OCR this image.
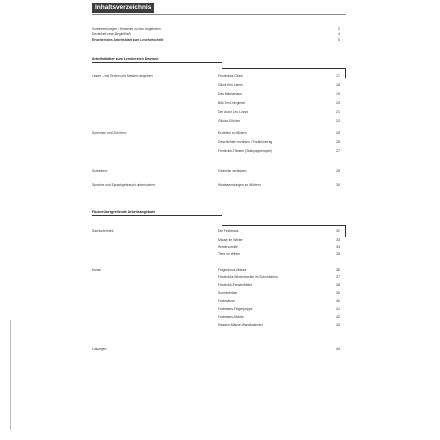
Inhaltsverzeichnis
Vorbemerkungen / Hinweise zu den Angeboten	2
Deckblatt Lese-Begleitheft	4
Erweiterndes Arbeitsblatt zum Lesefortschritt	5
Arbeitsblätter zum Lernbereich Deutsch
Lesen – mit Texten und Medien umgehen:	Fredericks Glück	17
Glück fürs Leben	18
Das Mäusehaus	19
Bild-Text-Vergleich	20
Der Autor Leo Lionni	21
Glücks-Elfchen	22
Sprechen und Zuhören:	Erzählen zu Bildern	25
Geschichten erzählen / Erzählvortrag	26
Frederick-Theater (Stabpuppenspiel)	27
Schreiben:	Gedichte verfassen	29
Sprache und Sprachgebrauch untersuchen:	Wortsammlungen zu Wörtern	30
Fächerübergreifende Arbeitsangebote
Sachunterricht:	Die Feldmaus	32
Mäuse im Winter	33
Wintervorräte	34
Tiere im Winter	35
Kunst:	Fingerdruck-Mäuse	36
Fredericks Wintervorräte im Schuhkarton	37
Frederick-Fensterbilder	38
Sonnenbilder	39
Farbmäuse	40
Farbmaus-Fingerpuppe	41
Farbmaus-Mobile	42
Klassen-Mäuse-Wandkalender	43
Lösungen	44
